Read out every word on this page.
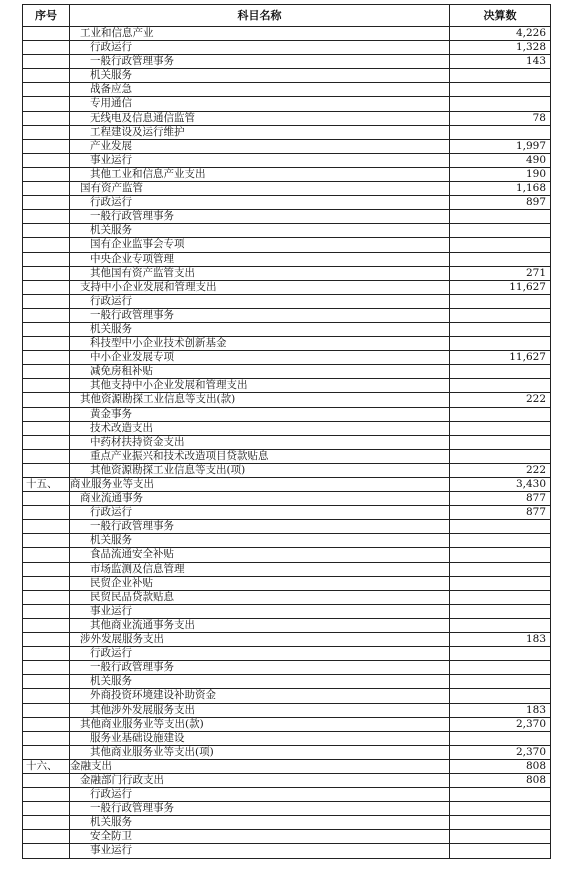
序号	科目名称	决算数
	工业和信息产业	4,226
	行政运行	1,328
	一般行政管理事务	143
	机关服务	
	战备应急	
	专用通信	
	无线电及信息通信监管	78
	工程建设及运行维护	
	产业发展	1,997
	事业运行	490
	其他工业和信息产业支出	190
	国有资产监管	1,168
	行政运行	897
	一般行政管理事务	
	机关服务	
	国有企业监事会专项	
	中央企业专项管理	
	其他国有资产监管支出	271
	支持中小企业发展和管理支出	11,627
	行政运行	
	一般行政管理事务	
	机关服务	
	科技型中小企业技术创新基金	
	中小企业发展专项	11,627
	减免房租补贴	
	其他支持中小企业发展和管理支出	
	其他资源勘探工业信息等支出(款)	222
	黄金事务	
	技术改造支出	
	中药材扶持资金支出	
	重点产业振兴和技术改造项目贷款贴息	
	其他资源勘探工业信息等支出(项)	222
十五、	商业服务业等支出	3,430
	商业流通事务	877
	行政运行	877
	一般行政管理事务	
	机关服务	
	食品流通安全补贴	
	市场监测及信息管理	
	民贸企业补贴	
	民贸民品贷款贴息	
	事业运行	
	其他商业流通事务支出	
	涉外发展服务支出	183
	行政运行	
	一般行政管理事务	
	机关服务	
	外商投资环境建设补助资金	
	其他涉外发展服务支出	183
	其他商业服务业等支出(款)	2,370
	服务业基础设施建设	
	其他商业服务业等支出(项)	2,370
十六、	金融支出	808
	金融部门行政支出	808
	行政运行	
	一般行政管理事务	
	机关服务	
	安全防卫	
	事业运行	
